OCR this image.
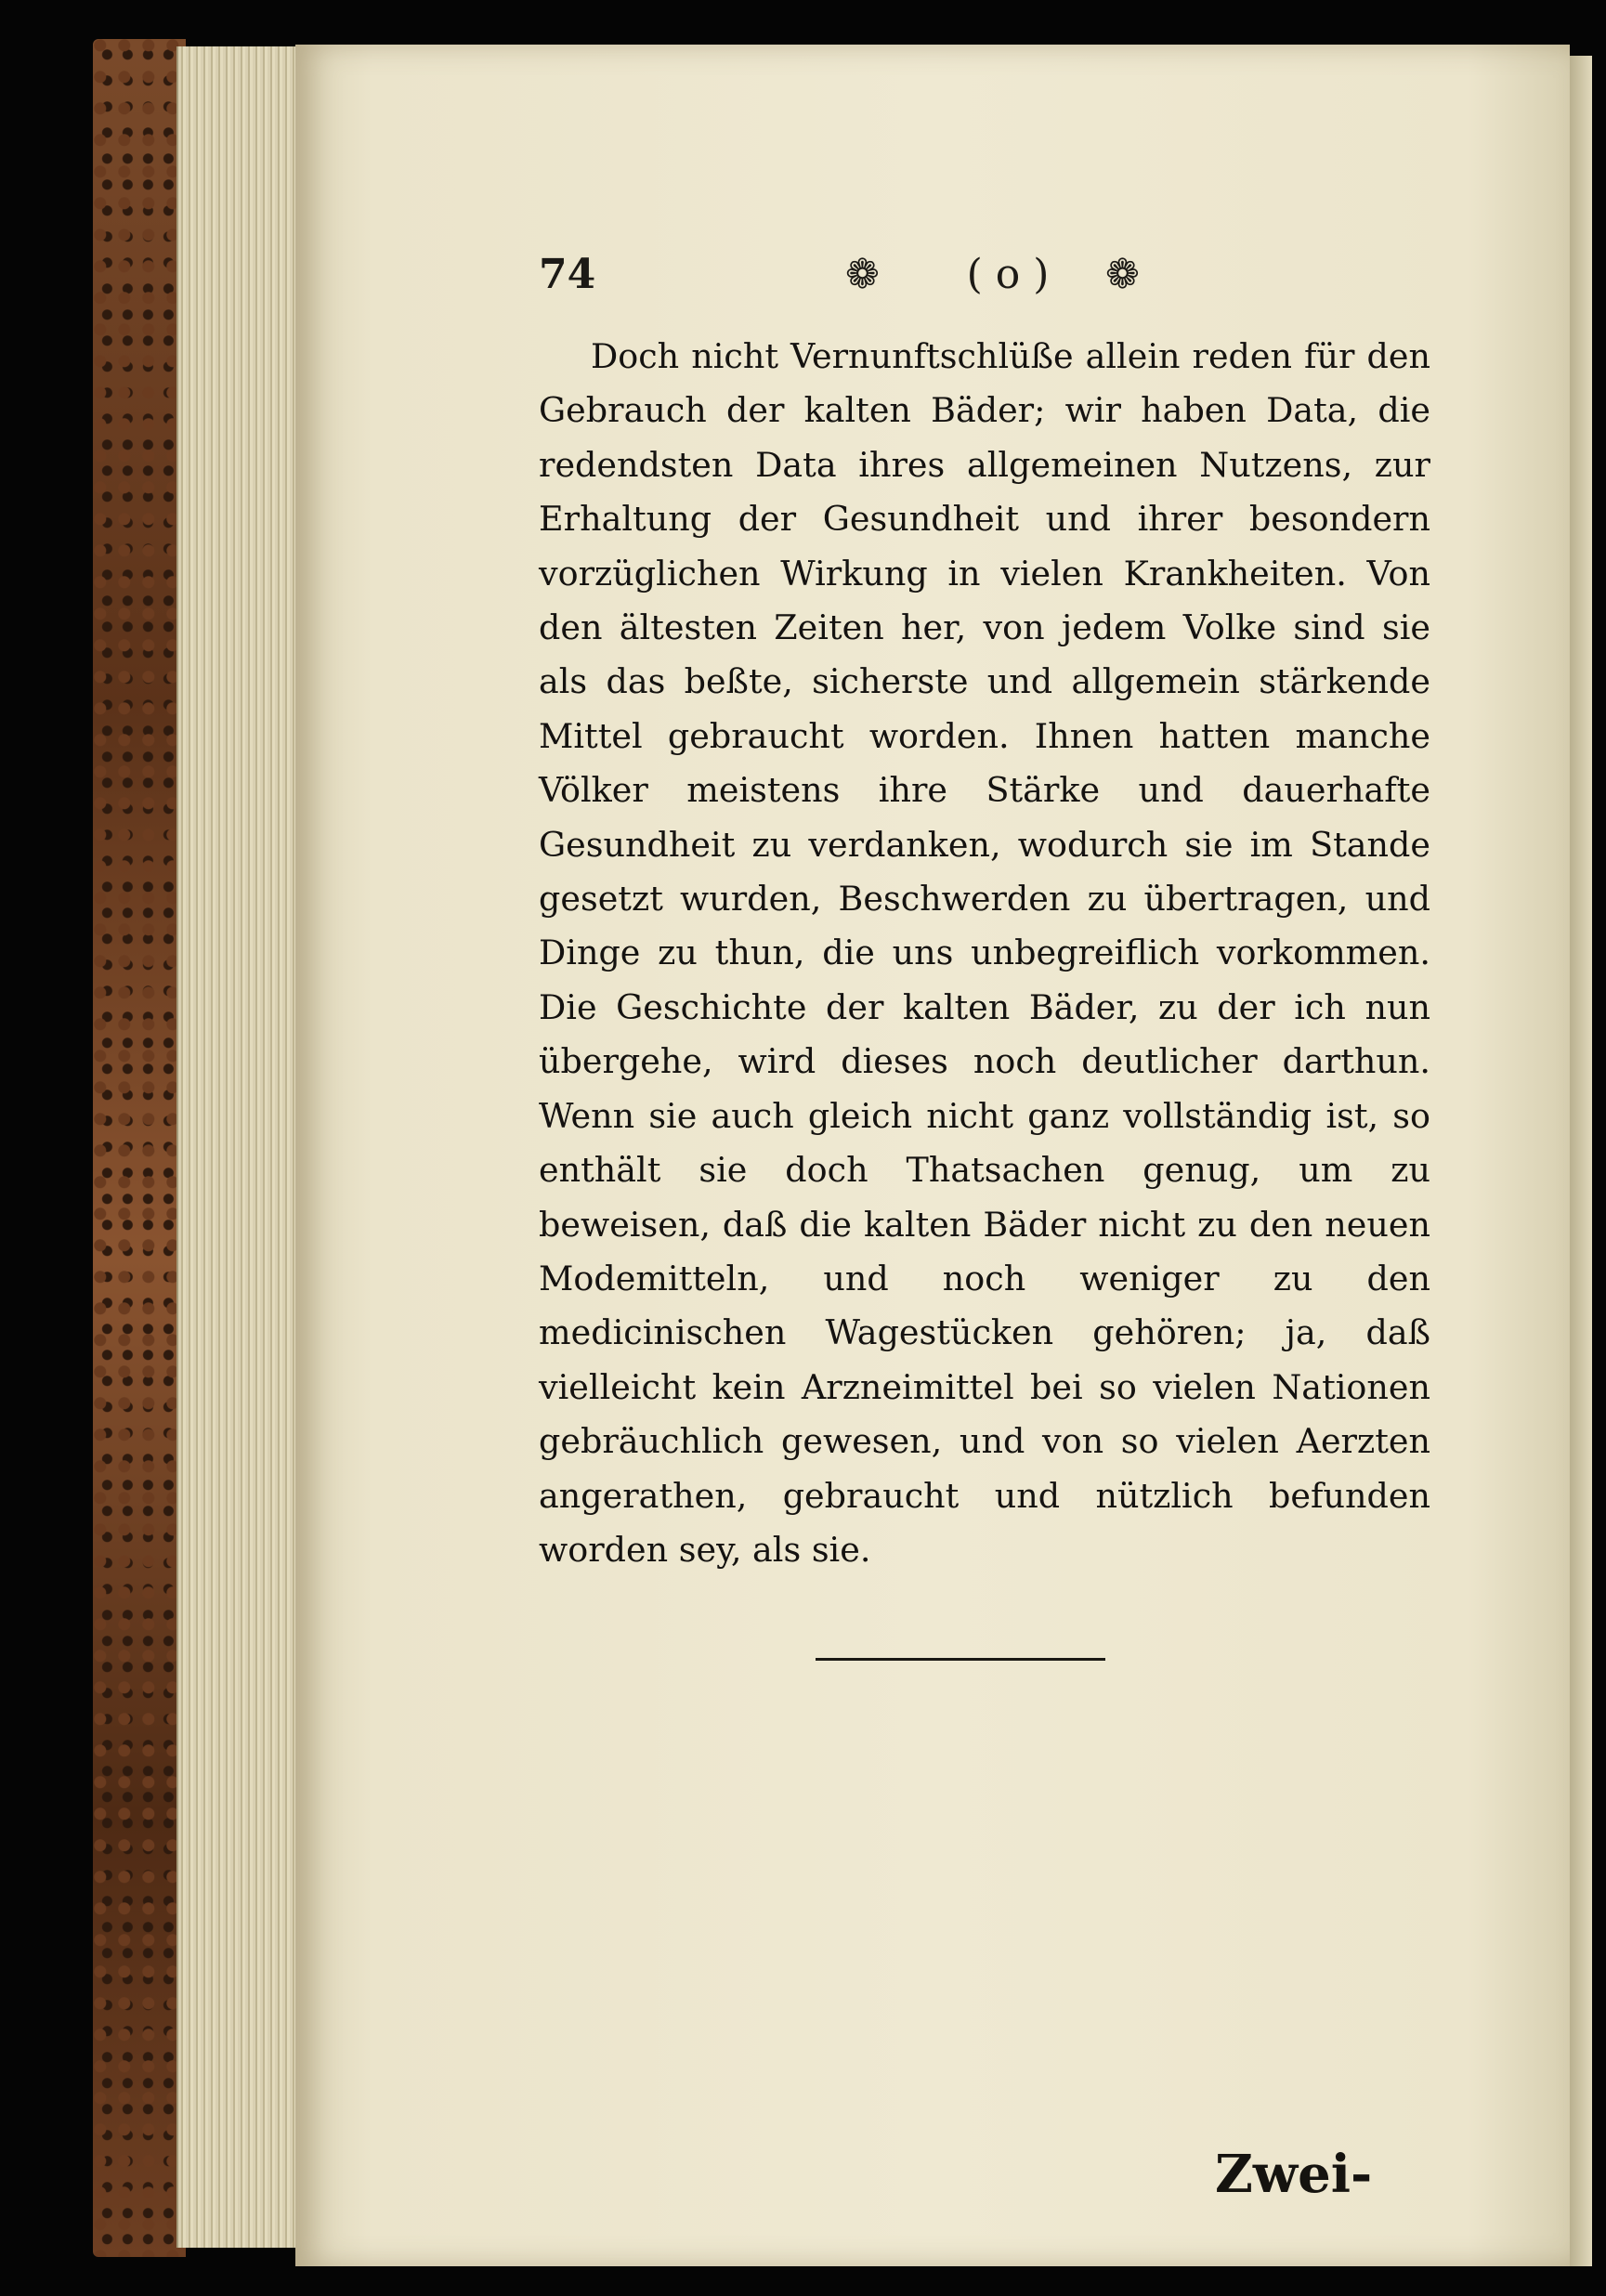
74	❁	( o )	❁

Doch nicht Vernunftschlüße allein reden für den Gebrauch der kalten Bäder; wir haben Data, die redendsten Data ihres allgemeinen Nutzens, zur Erhaltung der Gesundheit und ihrer besondern vorzüglichen Wirkung in vielen Krankheiten. Von den ältesten Zeiten her, von jedem Volke sind sie als das beßte, sicherste und allgemein stärkende Mittel gebraucht worden. Ihnen hatten manche Völker meistens ihre Stärke und dauerhafte Gesundheit zu verdanken, wodurch sie im Stande gesetzt wurden, Beschwerden zu übertragen, und Dinge zu thun, die uns unbegreiflich vorkommen. Die Geschichte der kalten Bäder, zu der ich nun übergehe, wird dieses noch deutlicher darthun. Wenn sie auch gleich nicht ganz vollständig ist, so enthält sie doch Thatsachen genug, um zu beweisen, daß die kalten Bäder nicht zu den neuen Modemitteln, und noch weniger zu den medicinischen Wagestücken gehören; ja, daß vielleicht kein Arzneimittel bei so vielen Nationen gebräuchlich gewesen, und von so vielen Aerzten angerathen, gebraucht und nützlich befunden worden sey, als sie.

Zwei-
